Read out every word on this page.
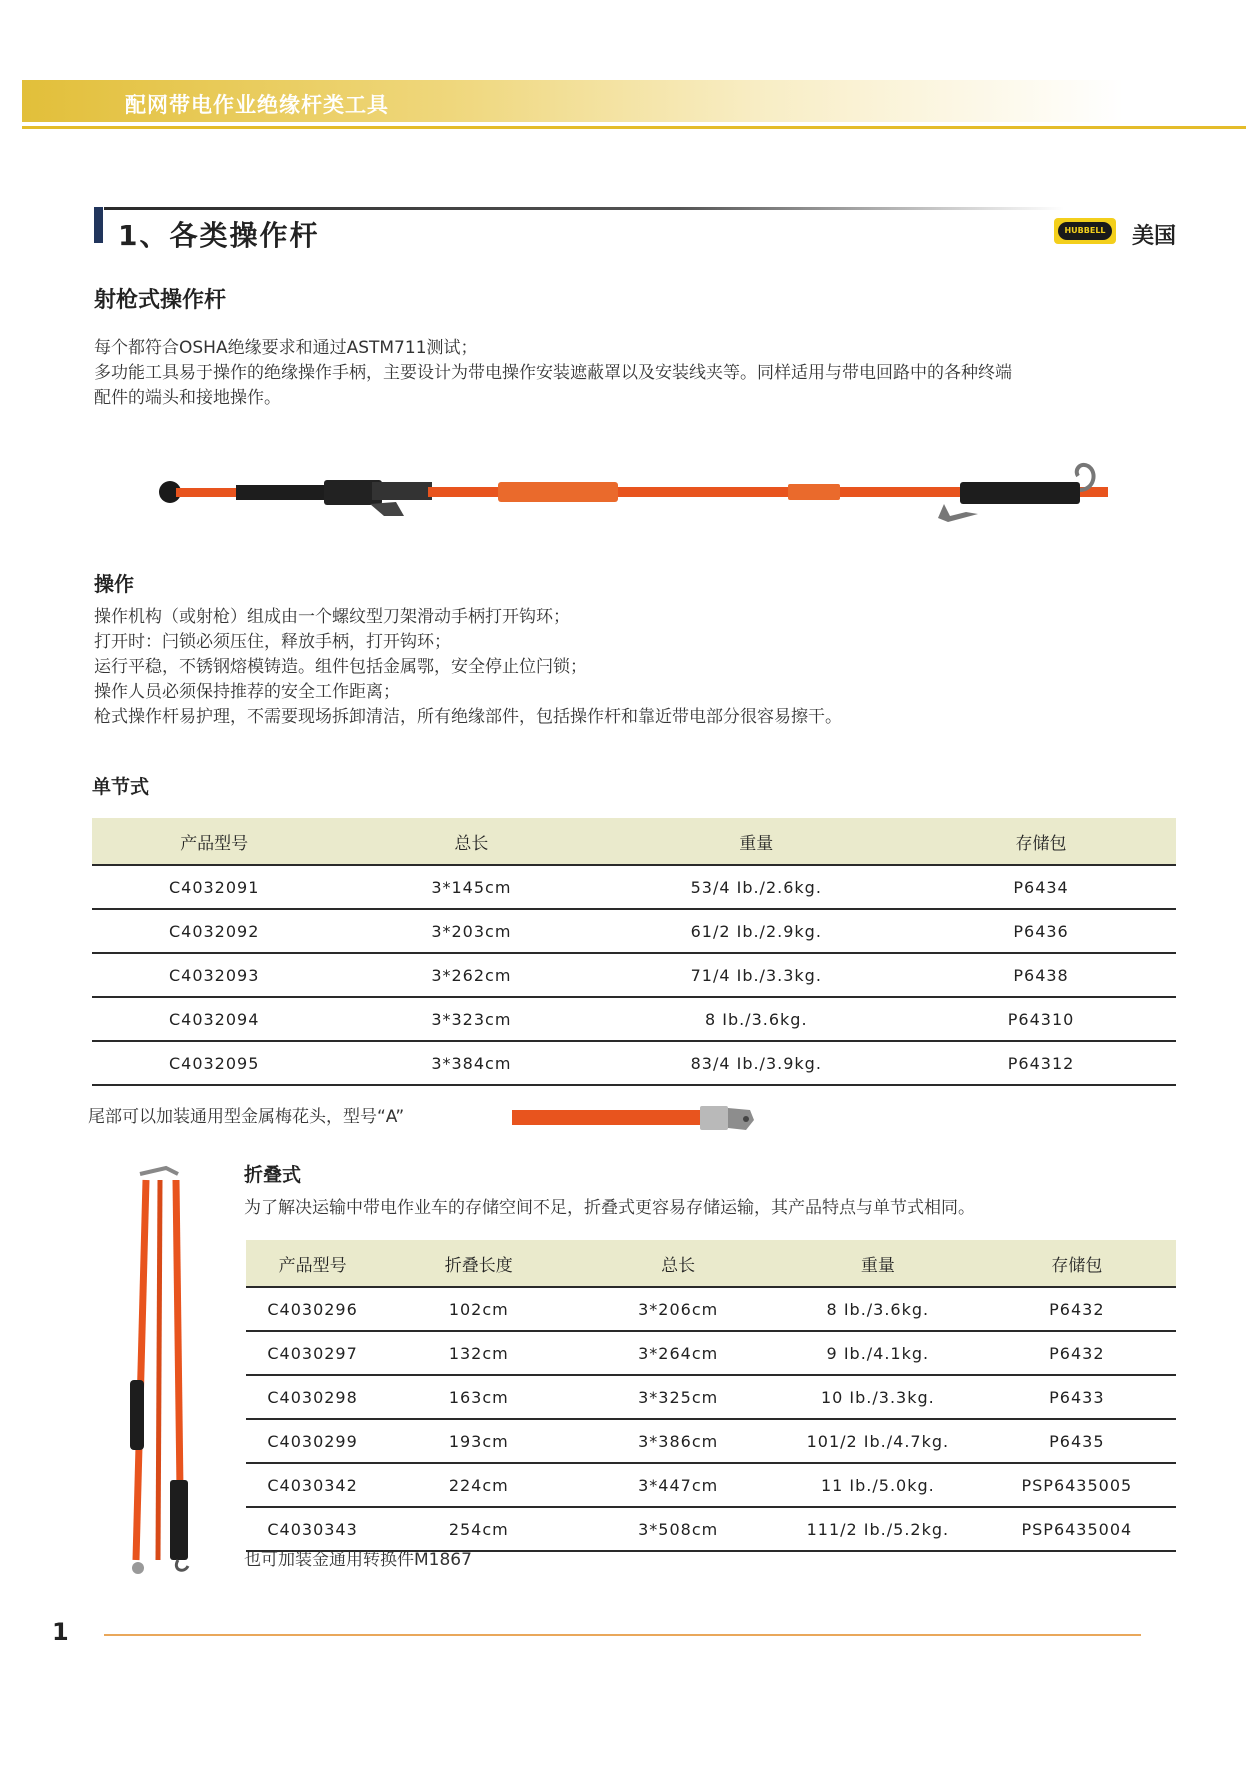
配网带电作业绝缘杆类工具
1、各类操作杆	HUBBELL 美国
射枪式操作杆
每个都符合OSHA绝缘要求和通过ASTM711测试；
多功能工具易于操作的绝缘操作手柄，主要设计为带电操作安装遮蔽罩以及安装线夹等。同样适用与带电回路中的各种终端
配件的端头和接地操作。
操作
操作机构（或射枪）组成由一个螺纹型刀架滑动手柄打开钩环；
打开时：闩锁必须压住，释放手柄，打开钩环；
运行平稳，不锈钢熔模铸造。组件包括金属鄂，安全停止位闩锁；
操作人员必须保持推荐的安全工作距离；
枪式操作杆易护理，不需要现场拆卸清洁，所有绝缘部件，包括操作杆和靠近带电部分很容易擦干。
单节式
产品型号	总长	重量	存储包
C4032091	3*145cm	53/4 Ib./2.6kg.	P6434
C4032092	3*203cm	61/2 Ib./2.9kg.	P6436
C4032093	3*262cm	71/4 Ib./3.3kg.	P6438
C4032094	3*323cm	8 Ib./3.6kg.	P64310
C4032095	3*384cm	83/4 Ib./3.9kg.	P64312
尾部可以加装通用型金属梅花头，型号“A”
折叠式
为了解决运输中带电作业车的存储空间不足，折叠式更容易存储运输，其产品特点与单节式相同。
产品型号	折叠长度	总长	重量	存储包
C4030296	102cm	3*206cm	8 Ib./3.6kg.	P6432
C4030297	132cm	3*264cm	9 Ib./4.1kg.	P6432
C4030298	163cm	3*325cm	10 Ib./3.3kg.	P6433
C4030299	193cm	3*386cm	101/2 Ib./4.7kg.	P6435
C4030342	224cm	3*447cm	11 Ib./5.0kg.	PSP6435005
C4030343	254cm	3*508cm	111/2 Ib./5.2kg.	PSP6435004
也可加装金通用转换件M1867
1
